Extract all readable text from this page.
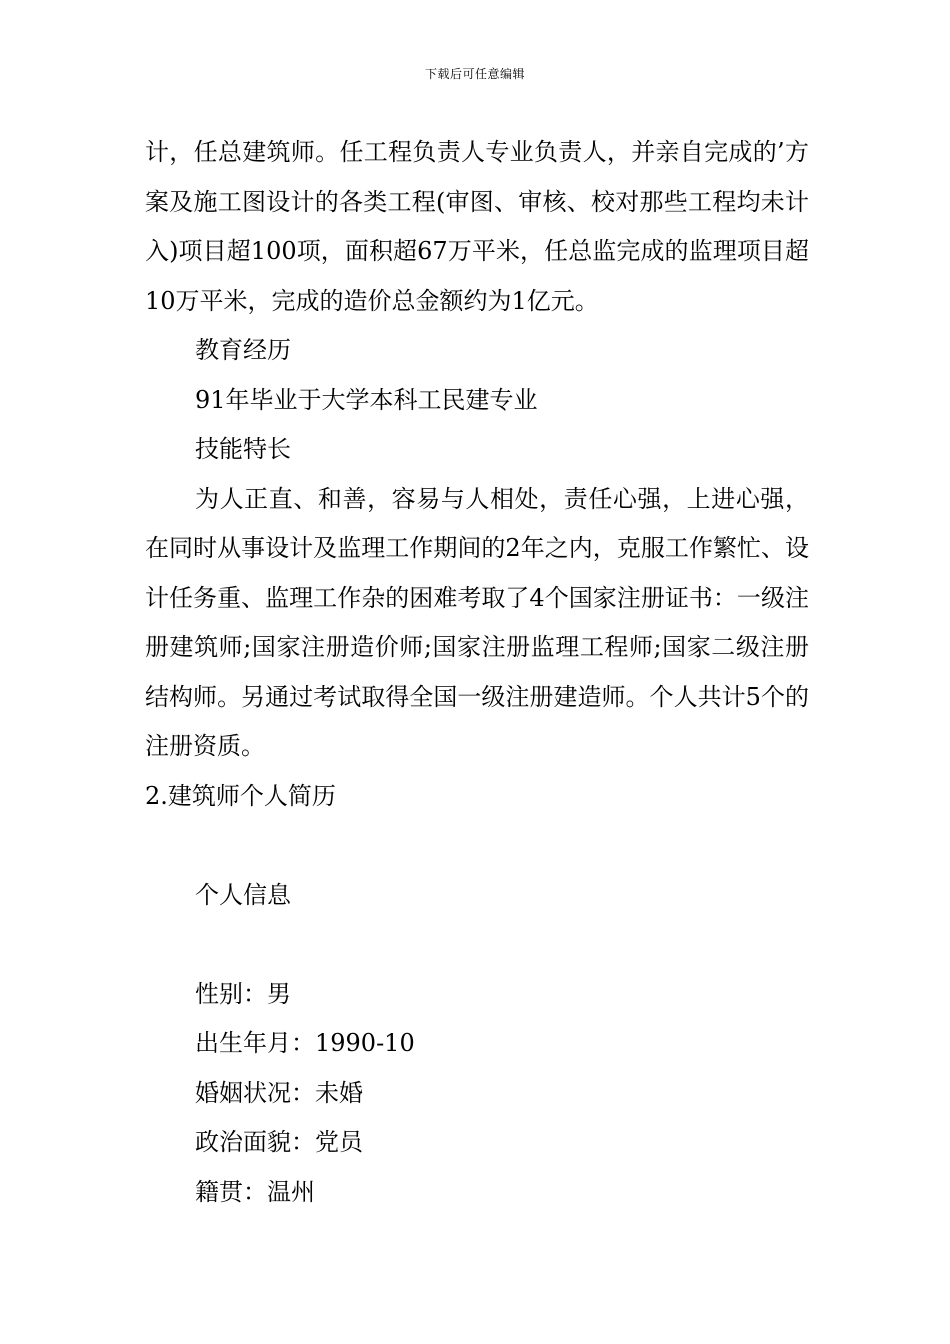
下载后可任意编辑

计，任总建筑师。任工程负责人专业负责人，并亲自完成的’方案及施工图设计的各类工程(审图、审核、校对那些工程均未计入)项目超100项，面积超67万平米，任总监完成的监理项目超10万平米，完成的造价总金额约为1亿元。

教育经历

91年毕业于大学本科工民建专业

技能特长

为人正直、和善，容易与人相处，责任心强，上进心强，在同时从事设计及监理工作期间的2年之内，克服工作繁忙、设计任务重、监理工作杂的困难考取了4个国家注册证书：一级注册建筑师;国家注册造价师;国家注册监理工程师;国家二级注册结构师。另通过考试取得全国一级注册建造师。个人共计5个的注册资质。

2.建筑师个人简历

个人信息

性别：男

出生年月：1990-10

婚姻状况：未婚

政治面貌：党员

籍贯：温州
